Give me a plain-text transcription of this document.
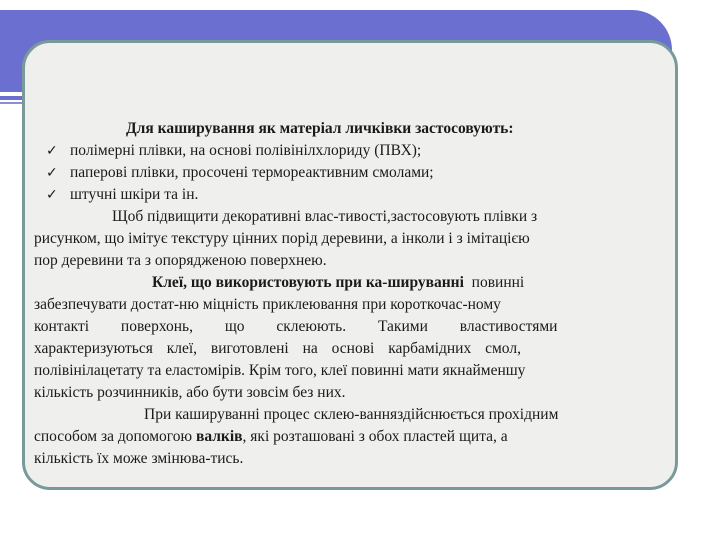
Для каширування як матеріал личківки застосовують:
✓ полімерні плівки, на основі полівінілхлориду (ПВХ);
✓ паперові плівки, просочені термореактивним смолами;
✓ штучні шкіри та ін.
Щоб підвищити декоративні влас-тивості,застосовують плівки з
рисунком, що імітує текстуру цінних порід деревини, а інколи і з імітацією
пор деревини та з опорядженою поверхнею.
Клеї, що використовують при ка-шируванні повинні
забезпечувати достат-ню міцність приклеювання при короткочас-ному
контакті поверхонь, що склеюють. Такими властивостями
характеризуються клеї, виготовлені на основі карбамідних смол,
полівінілацетату та еластомірів. Крім того, клеї повинні мати якнайменшу
кількість розчинників, або бути зовсім без них.
При кашируванні процес склею-ванняздійснюється прохідним
способом за допомогою валків, які розташовані з обох пластей щита, а
кількість їх може змінюва-тись.
